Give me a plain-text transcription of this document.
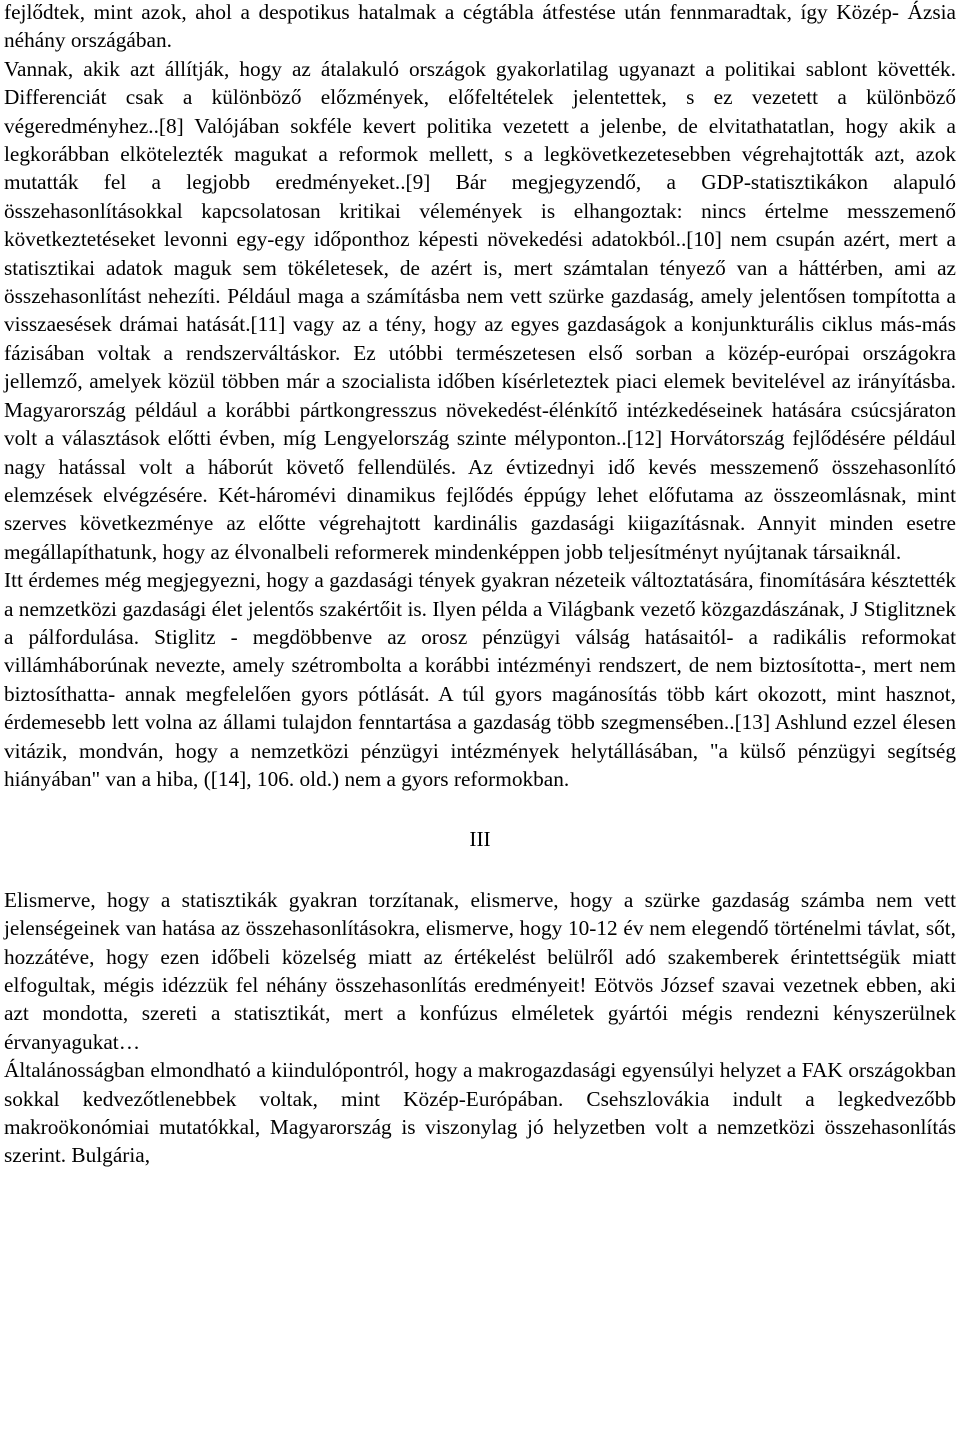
fejlődtek, mint azok, ahol a despotikus hatalmak a cégtábla átfestése után fennmaradtak, így Közép- Ázsia néhány országában.

Vannak, akik azt állítják, hogy az átalakuló országok gyakorlatilag ugyanazt a politikai sablont követték. Differenciát csak a különböző előzmények, előfeltételek jelentettek, s ez vezetett a különböző végeredményhez..[8] Valójában sokféle kevert politika vezetett a jelenbe, de elvitathatatlan, hogy akik a legkorábban elkötelezték magukat a reformok mellett, s a legkövetkezetesebben végrehajtották azt, azok mutatták fel a legjobb eredményeket..[9] Bár megjegyzendő, a GDP-statisztikákon alapuló összehasonlításokkal kapcsolatosan kritikai vélemények is elhangoztak: nincs értelme messzemenő következtetéseket levonni egy-egy időponthoz képesti növekedési adatokból..[10] nem csupán azért, mert a statisztikai adatok maguk sem tökéletesek, de azért is, mert számtalan tényező van a háttérben, ami az összehasonlítást nehezíti. Például maga a számításba nem vett szürke gazdaság, amely jelentősen tompította a visszaesések drámai hatását.[11] vagy az a tény, hogy az egyes gazdaságok a konjunkturális ciklus más-más fázisában voltak a rendszerváltáskor. Ez utóbbi természetesen első sorban a közép-európai országokra jellemző, amelyek közül többen már a szocialista időben kísérleteztek piaci elemek bevitelével az irányításba. Magyarország például a korábbi pártkongresszus növekedést-élénkítő intézkedéseinek hatására csúcsjáraton volt a választások előtti évben, míg Lengyelország szinte mélyponton..[12] Horvátország fejlődésére például nagy hatással volt a háborút követő fellendülés. Az évtizednyi idő kevés messzemenő összehasonlító elemzések elvégzésére. Két-háromévi dinamikus fejlődés éppúgy lehet előfutama az összeomlásnak, mint szerves következménye az előtte végrehajtott kardinális gazdasági kiigazításnak. Annyit minden esetre megállapíthatunk, hogy az élvonalbeli reformerek mindenképpen jobb teljesítményt nyújtanak társaiknál.

Itt érdemes még megjegyezni, hogy a gazdasági tények gyakran nézeteik változtatására, finomítására késztették a nemzetközi gazdasági élet jelentős szakértőit is. Ilyen példa a Világbank vezető közgazdászának, J Stiglitznek a pálfordulása. Stiglitz - megdöbbenve az orosz pénzügyi válság hatásaitól- a radikális reformokat villámháborúnak nevezte, amely szétrombolta a korábbi intézményi rendszert, de nem biztosította-, mert nem biztosíthatta- annak megfelelően gyors pótlását. A túl gyors magánosítás több kárt okozott, mint hasznot, érdemesebb lett volna az állami tulajdon fenntartása a gazdaság több szegmensében..[13] Ashlund ezzel élesen vitázik, mondván, hogy a nemzetközi pénzügyi intézmények helytállásában, "a külső pénzügyi segítség hiányában" van a hiba, ([14], 106. old.) nem a gyors reformokban.

III

Elismerve, hogy a statisztikák gyakran torzítanak, elismerve, hogy a szürke gazdaság számba nem vett jelenségeinek van hatása az összehasonlításokra, elismerve, hogy 10-12 év nem elegendő történelmi távlat, sőt, hozzátéve, hogy ezen időbeli közelség miatt az értékelést belülről adó szakemberek érintettségük miatt elfogultak, mégis idézzük fel néhány összehasonlítás eredményeit! Eötvös József szavai vezetnek ebben, aki azt mondotta, szereti a statisztikát, mert a konfúzus elméletek gyártói mégis rendezni kényszerülnek érvanyagukat…

Általánosságban elmondható a kiindulópontról, hogy a makrogazdasági egyensúlyi helyzet a FAK országokban sokkal kedvezőtlenebbek voltak, mint Közép-Európában. Csehszlovákia indult a legkedvezőbb makroökonómiai mutatókkal, Magyarország is viszonylag jó helyzetben volt a nemzetközi összehasonlítás szerint. Bulgária,
